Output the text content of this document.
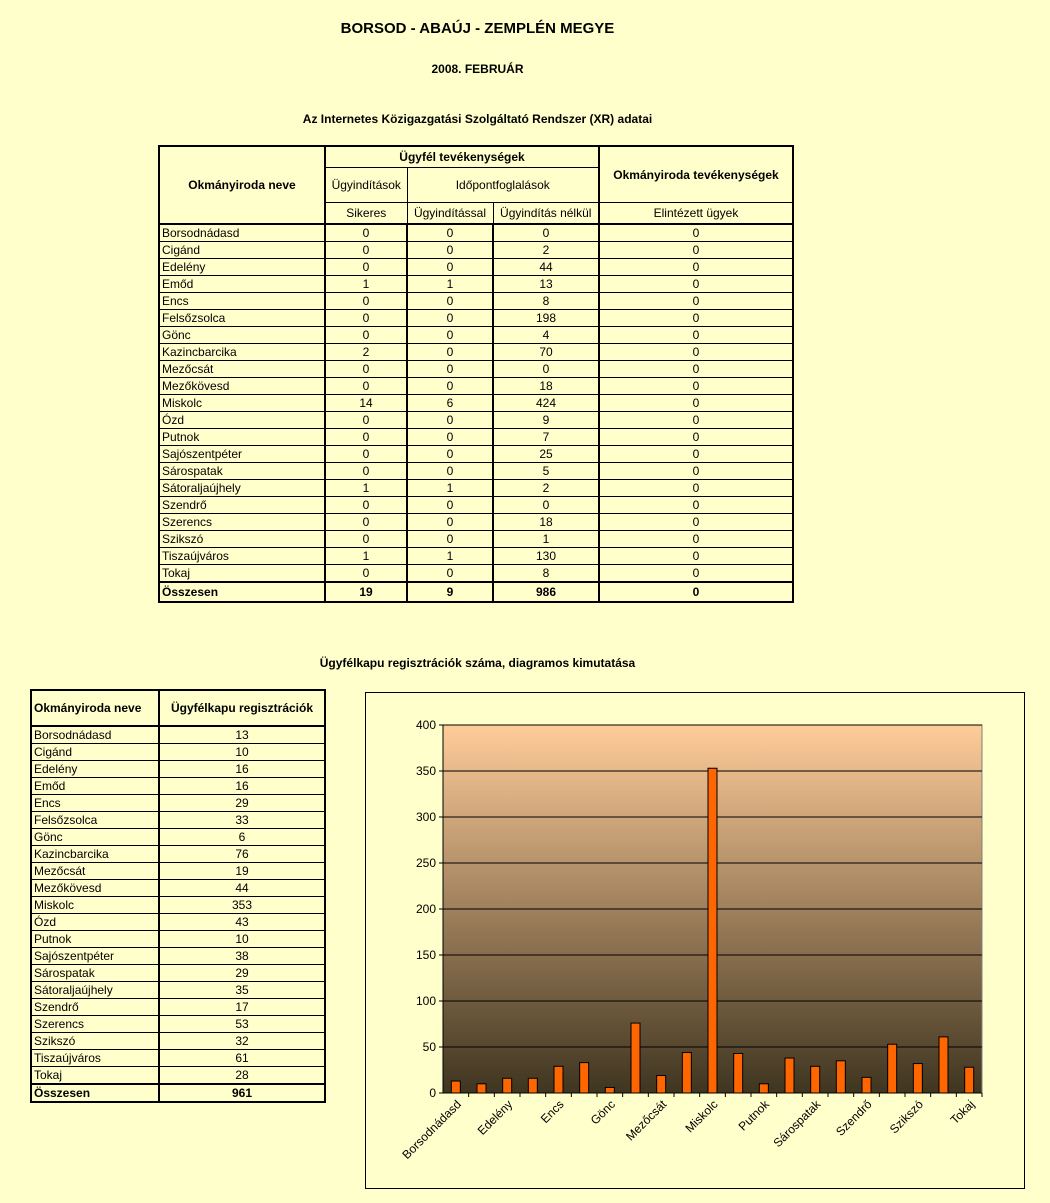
BORSOD - ABAÚJ - ZEMPLÉN MEGYE
2008. FEBRUÁR
Az Internetes Közigazgatási Szolgáltató Rendszer (XR) adatai
Okmányiroda neve	Ügyfél tevékenységek			Okmányiroda tevékenységek
	Ügyindítások	Időpontfoglalások		
	Sikeres	Ügyindítással	Ügyindítás nélkül	Elintézett ügyek
Borsodnádasd	0	0	0	0
Cigánd	0	0	2	0
Edelény	0	0	44	0
Emőd	1	1	13	0
Encs	0	0	8	0
Felsőzsolca	0	0	198	0
Gönc	0	0	4	0
Kazincbarcika	2	0	70	0
Mezőcsát	0	0	0	0
Mezőkövesd	0	0	18	0
Miskolc	14	6	424	0
Ózd	0	0	9	0
Putnok	0	0	7	0
Sajószentpéter	0	0	25	0
Sárospatak	0	0	5	0
Sátoraljaújhely	1	1	2	0
Szendrő	0	0	0	0
Szerencs	0	0	18	0
Szikszó	0	0	1	0
Tiszaújváros	1	1	130	0
Tokaj	0	0	8	0
Összesen	19	9	986	0
Ügyfélkapu regisztrációk száma, diagramos kimutatása
Okmányiroda neve	Ügyfélkapu regisztrációk
Borsodnádasd	13
Cigánd	10
Edelény	16
Emőd	16
Encs	29
Felsőzsolca	33
Gönc	6
Kazincbarcika	76
Mezőcsát	19
Mezőkövesd	44
Miskolc	353
Ózd	43
Putnok	10
Sajószentpéter	38
Sárospatak	29
Sátoraljaújhely	35
Szendrő	17
Szerencs	53
Szikszó	32
Tiszaújváros	61
Tokaj	28
Összesen	961	0
50
100
150
200
250
300
350
400
Borsodnádasd Edelény Encs Gönc Mezőcsát Miskolc Putnok
Sárospatak Szendrő Szikszó Tokaj
